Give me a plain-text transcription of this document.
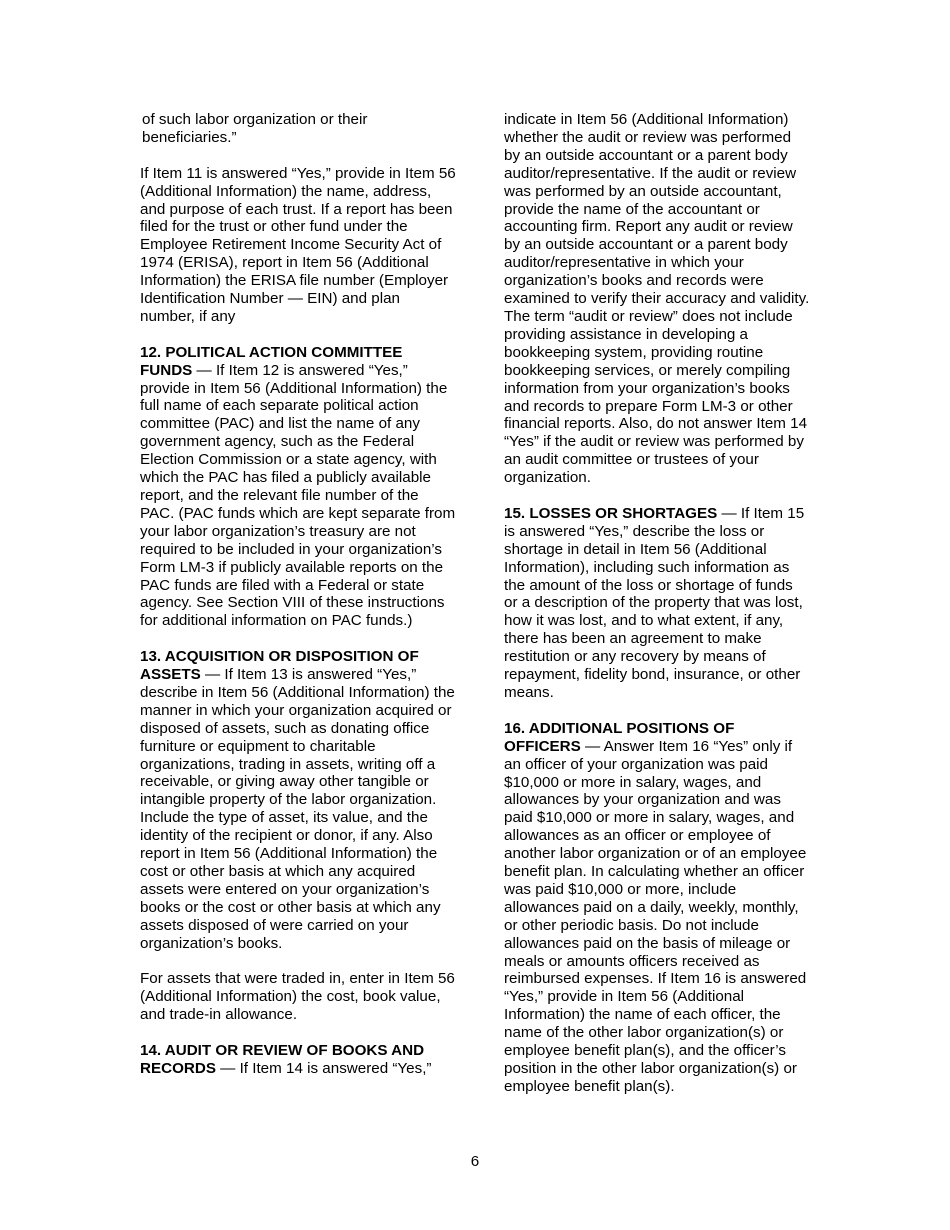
of such labor organization or their beneficiaries.”

If Item 11 is answered “Yes,” provide in Item 56 (Additional Information) the name, address, and purpose of each trust. If a report has been filed for the trust or other fund under the Employee Retirement Income Security Act of 1974 (ERISA), report in Item 56 (Additional Information) the ERISA file number (Employer Identification Number — EIN) and plan number, if any

12. POLITICAL ACTION COMMITTEE FUNDS — If Item 12 is answered “Yes,” provide in Item 56 (Additional Information) the full name of each separate political action committee (PAC) and list the name of any government agency, such as the Federal Election Commission or a state agency, with which the PAC has filed a publicly available report, and the relevant file number of the PAC. (PAC funds which are kept separate from your labor organization’s treasury are not required to be included in your organization’s Form LM-3 if publicly available reports on the PAC funds are filed with a Federal or state agency. See Section VIII of these instructions for additional information on PAC funds.)

13. ACQUISITION OR DISPOSITION OF ASSETS — If Item 13 is answered “Yes,” describe in Item 56 (Additional Information) the manner in which your organization acquired or disposed of assets, such as donating office furniture or equipment to charitable organizations, trading in assets, writing off a receivable, or giving away other tangible or intangible property of the labor organization. Include the type of asset, its value, and the identity of the recipient or donor, if any. Also report in Item 56 (Additional Information) the cost or other basis at which any acquired assets were entered on your organization’s books or the cost or other basis at which any assets disposed of were carried on your organization’s books.

For assets that were traded in, enter in Item 56 (Additional Information) the cost, book value, and trade-in allowance.

14. AUDIT OR REVIEW OF BOOKS AND RECORDS — If Item 14 is answered “Yes,”

indicate in Item 56 (Additional Information) whether the audit or review was performed by an outside accountant or a parent body auditor/representative. If the audit or review was performed by an outside accountant, provide the name of the accountant or accounting firm. Report any audit or review by an outside accountant or a parent body auditor/representative in which your organization’s books and records were examined to verify their accuracy and validity. The term “audit or review” does not include providing assistance in developing a bookkeeping system, providing routine bookkeeping services, or merely compiling information from your organization’s books and records to prepare Form LM-3 or other financial reports. Also, do not answer Item 14 “Yes” if the audit or review was performed by an audit committee or trustees of your organization.

15. LOSSES OR SHORTAGES — If Item 15 is answered “Yes,” describe the loss or shortage in detail in Item 56 (Additional Information), including such information as the amount of the loss or shortage of funds or a description of the property that was lost, how it was lost, and to what extent, if any, there has been an agreement to make restitution or any recovery by means of repayment, fidelity bond, insurance, or other means.

16. ADDITIONAL POSITIONS OF OFFICERS — Answer Item 16 “Yes” only if an officer of your organization was paid $10,000 or more in salary, wages, and allowances by your organization and was paid $10,000 or more in salary, wages, and allowances as an officer or employee of another labor organization or of an employee benefit plan. In calculating whether an officer was paid $10,000 or more, include allowances paid on a daily, weekly, monthly, or other periodic basis. Do not include allowances paid on the basis of mileage or meals or amounts officers received as reimbursed expenses. If Item 16 is answered “Yes,” provide in Item 56 (Additional Information) the name of each officer, the name of the other labor organization(s) or employee benefit plan(s), and the officer’s position in the other labor organization(s) or employee benefit plan(s).

6
